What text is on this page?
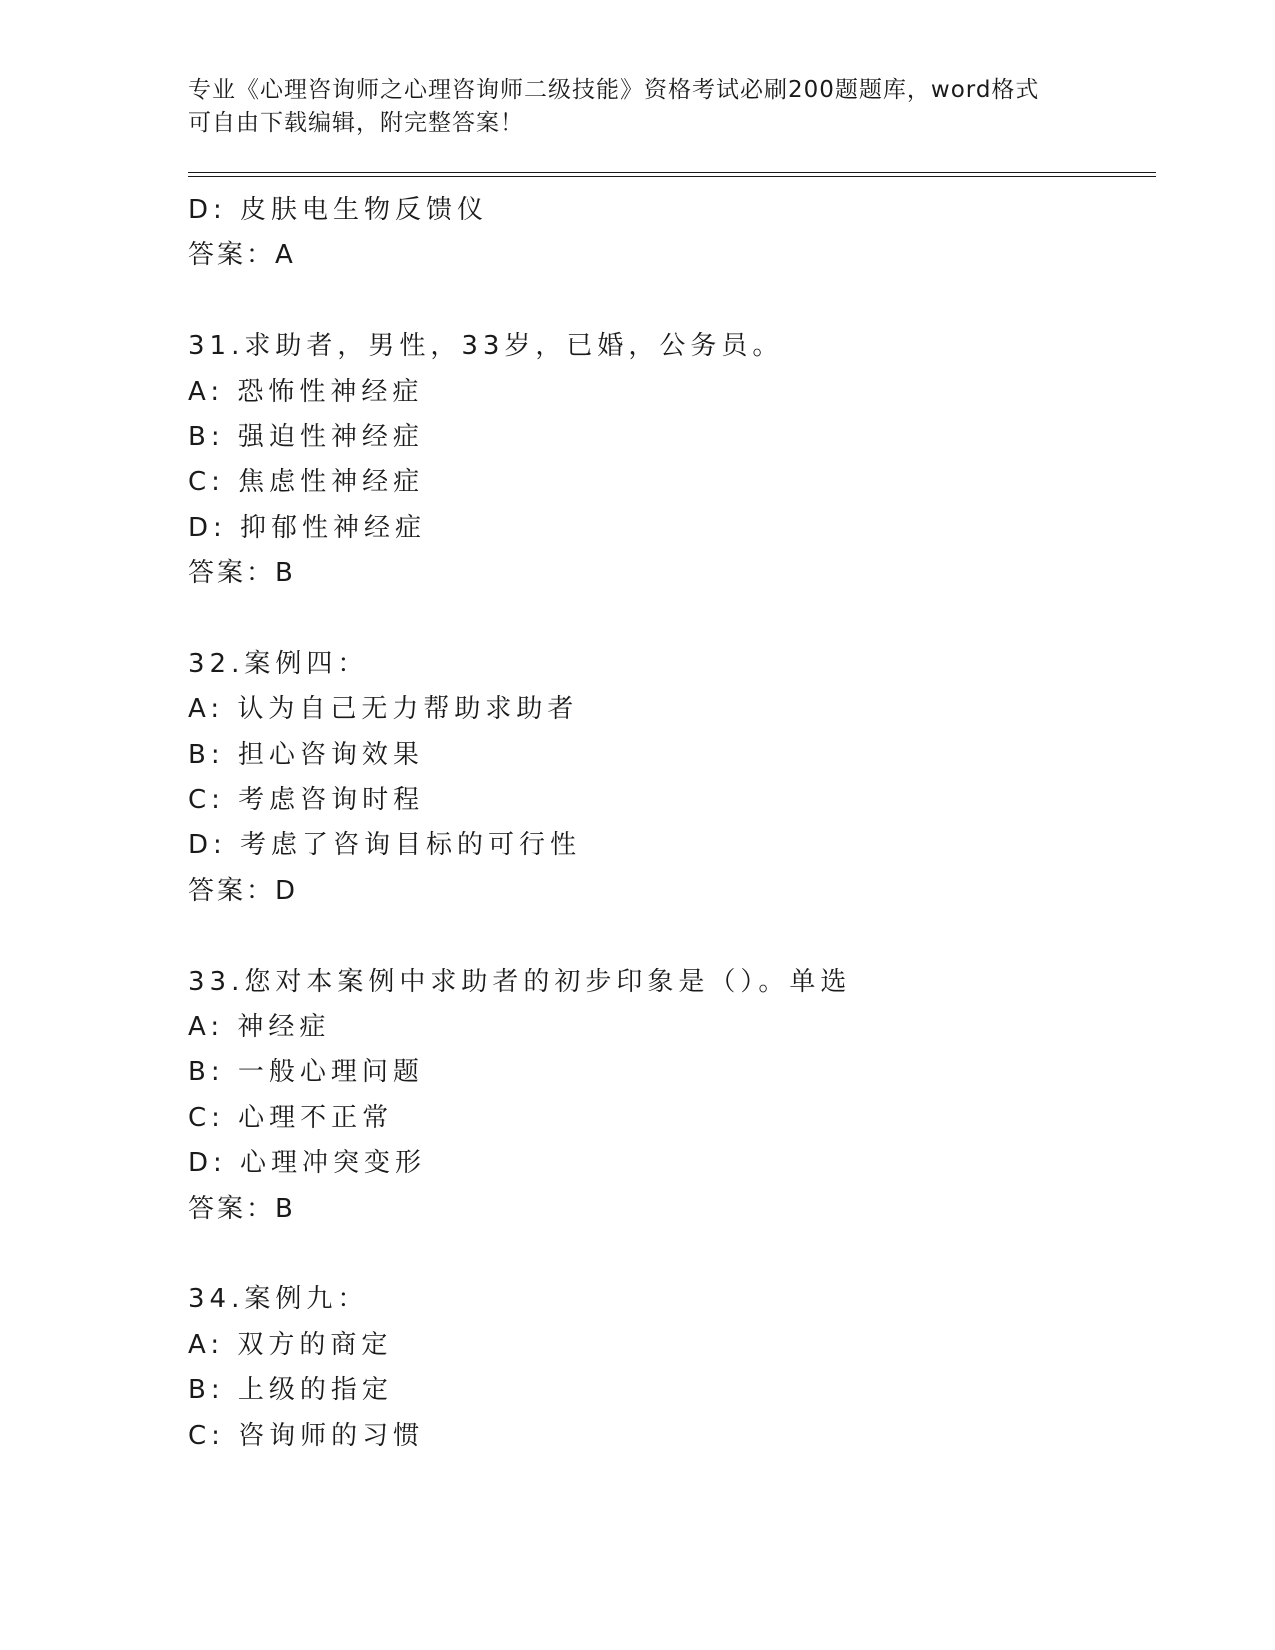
专业《心理咨询师之心理咨询师二级技能》资格考试必刷200题题库，word格式
可自由下载编辑，附完整答案！
D: 皮肤电生物反馈仪
答案：A
31.求助者，男性，33岁，已婚，公务员。
A: 恐怖性神经症
B: 强迫性神经症
C: 焦虑性神经症
D: 抑郁性神经症
答案：B
32.案例四：
A: 认为自己无力帮助求助者
B: 担心咨询效果
C: 考虑咨询时程
D: 考虑了咨询目标的可行性
答案：D
33.您对本案例中求助者的初步印象是（）。单选
A: 神经症
B: 一般心理问题
C: 心理不正常
D: 心理冲突变形
答案：B
34.案例九：
A: 双方的商定
B: 上级的指定
C: 咨询师的习惯
